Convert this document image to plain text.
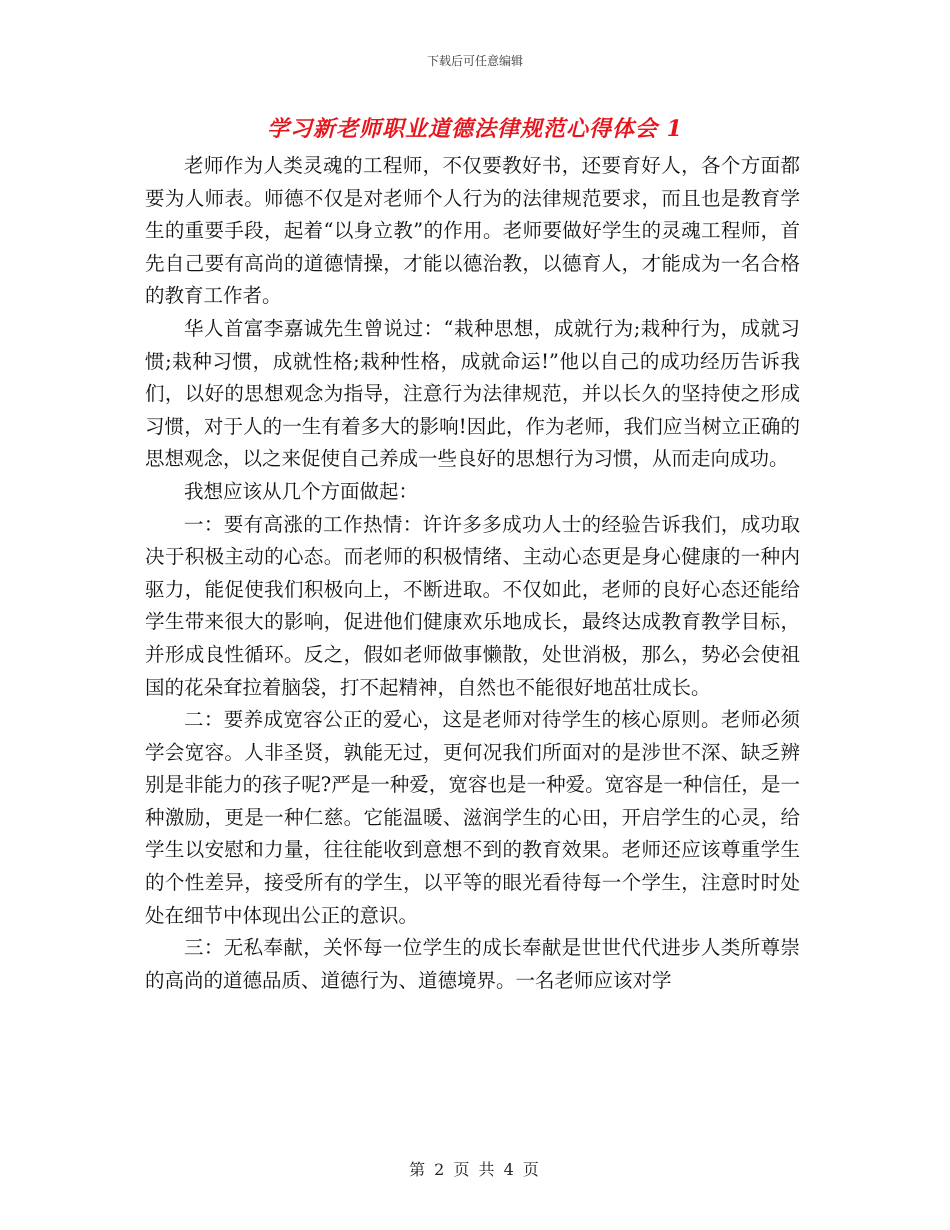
下载后可任意编辑
学习新老师职业道德法律规范心得体会 1

老师作为人类灵魂的工程师，不仅要教好书，还要育好人，各个方面都要为人师表。师德不仅是对老师个人行为的法律规范要求，而且也是教育学生的重要手段，起着“以身立教”的作用。老师要做好学生的灵魂工程师，首先自己要有高尚的道德情操，才能以德治教，以德育人，才能成为一名合格的教育工作者。

华人首富李嘉诚先生曾说过：“栽种思想，成就行为;栽种行为，成就习惯;栽种习惯，成就性格;栽种性格，成就命运!”他以自己的成功经历告诉我们，以好的思想观念为指导，注意行为法律规范，并以长久的坚持使之形成习惯，对于人的一生有着多大的影响!因此，作为老师，我们应当树立正确的思想观念，以之来促使自己养成一些良好的思想行为习惯，从而走向成功。

我想应该从几个方面做起：

一：要有高涨的工作热情：许许多多成功人士的经验告诉我们，成功取决于积极主动的心态。而老师的积极情绪、主动心态更是身心健康的一种内驱力，能促使我们积极向上，不断进取。不仅如此，老师的良好心态还能给学生带来很大的影响，促进他们健康欢乐地成长，最终达成教育教学目标，并形成良性循环。反之，假如老师做事懒散，处世消极，那么，势必会使祖国的花朵耷拉着脑袋，打不起精神，自然也不能很好地茁壮成长。

二：要养成宽容公正的爱心，这是老师对待学生的核心原则。老师必须学会宽容。人非圣贤，孰能无过，更何况我们所面对的是涉世不深、缺乏辨别是非能力的孩子呢?严是一种爱，宽容也是一种爱。宽容是一种信任，是一种激励，更是一种仁慈。它能温暖、滋润学生的心田，开启学生的心灵，给学生以安慰和力量，往往能收到意想不到的教育效果。老师还应该尊重学生的个性差异，接受所有的学生，以平等的眼光看待每一个学生，注意时时处处在细节中体现出公正的意识。

三：无私奉献，关怀每一位学生的成长奉献是世世代代进步人类所尊崇的高尚的道德品质、道德行为、道德境界。一名老师应该对学

第 2 页 共 4 页
